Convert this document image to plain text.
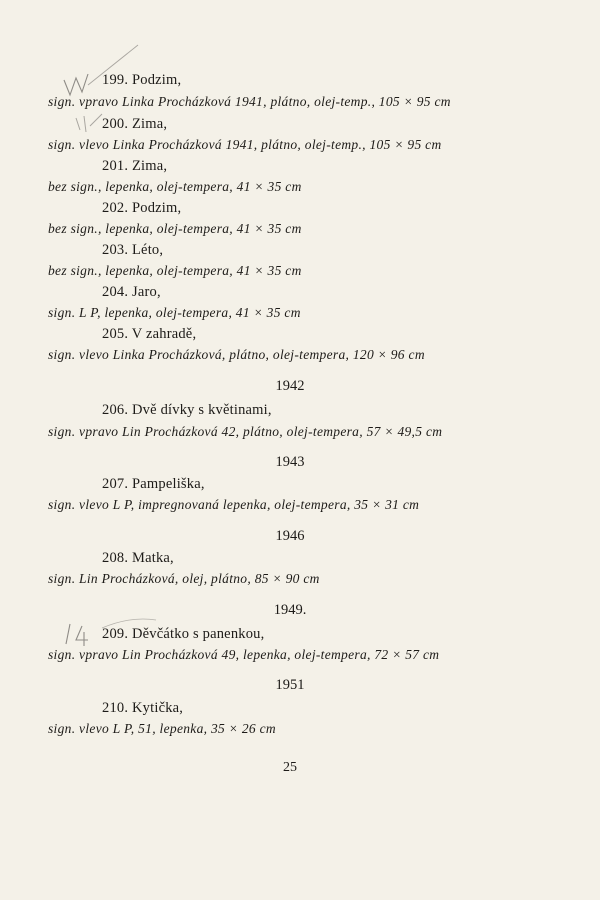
199. Podzim,

sign. vpravo Linka Procházková 1941, plátno, olej-temp., 105 × 95 cm

200. Zima,

sign. vlevo Linka Procházková 1941, plátno, olej-temp., 105 × 95 cm

201. Zima,

bez sign., lepenka, olej-tempera, 41 × 35 cm

202. Podzim,

bez sign., lepenka, olej-tempera, 41 × 35 cm

203. Léto,

bez sign., lepenka, olej-tempera, 41 × 35 cm

204. Jaro,

sign. L P, lepenka, olej-tempera, 41 × 35 cm

205. V zahradě,

sign. vlevo Linka Procházková, plátno, olej-tempera, 120 × 96 cm

1942

206. Dvě dívky s květinami,

sign. vpravo Lin Procházková 42, plátno, olej-tempera, 57 × 49,5 cm

1943

207. Pampeliška,

sign. vlevo L P, impregnovaná lepenka, olej-tempera, 35 × 31 cm

1946

208. Matka,

sign. Lin Procházková, olej, plátno, 85 × 90 cm

1949.

209. Děvčátko s panenkou,

sign. vpravo Lin Procházková 49, lepenka, olej-tempera, 72 × 57 cm

1951

210. Kytička,

sign. vlevo L P, 51, lepenka, 35 × 26 cm

25
